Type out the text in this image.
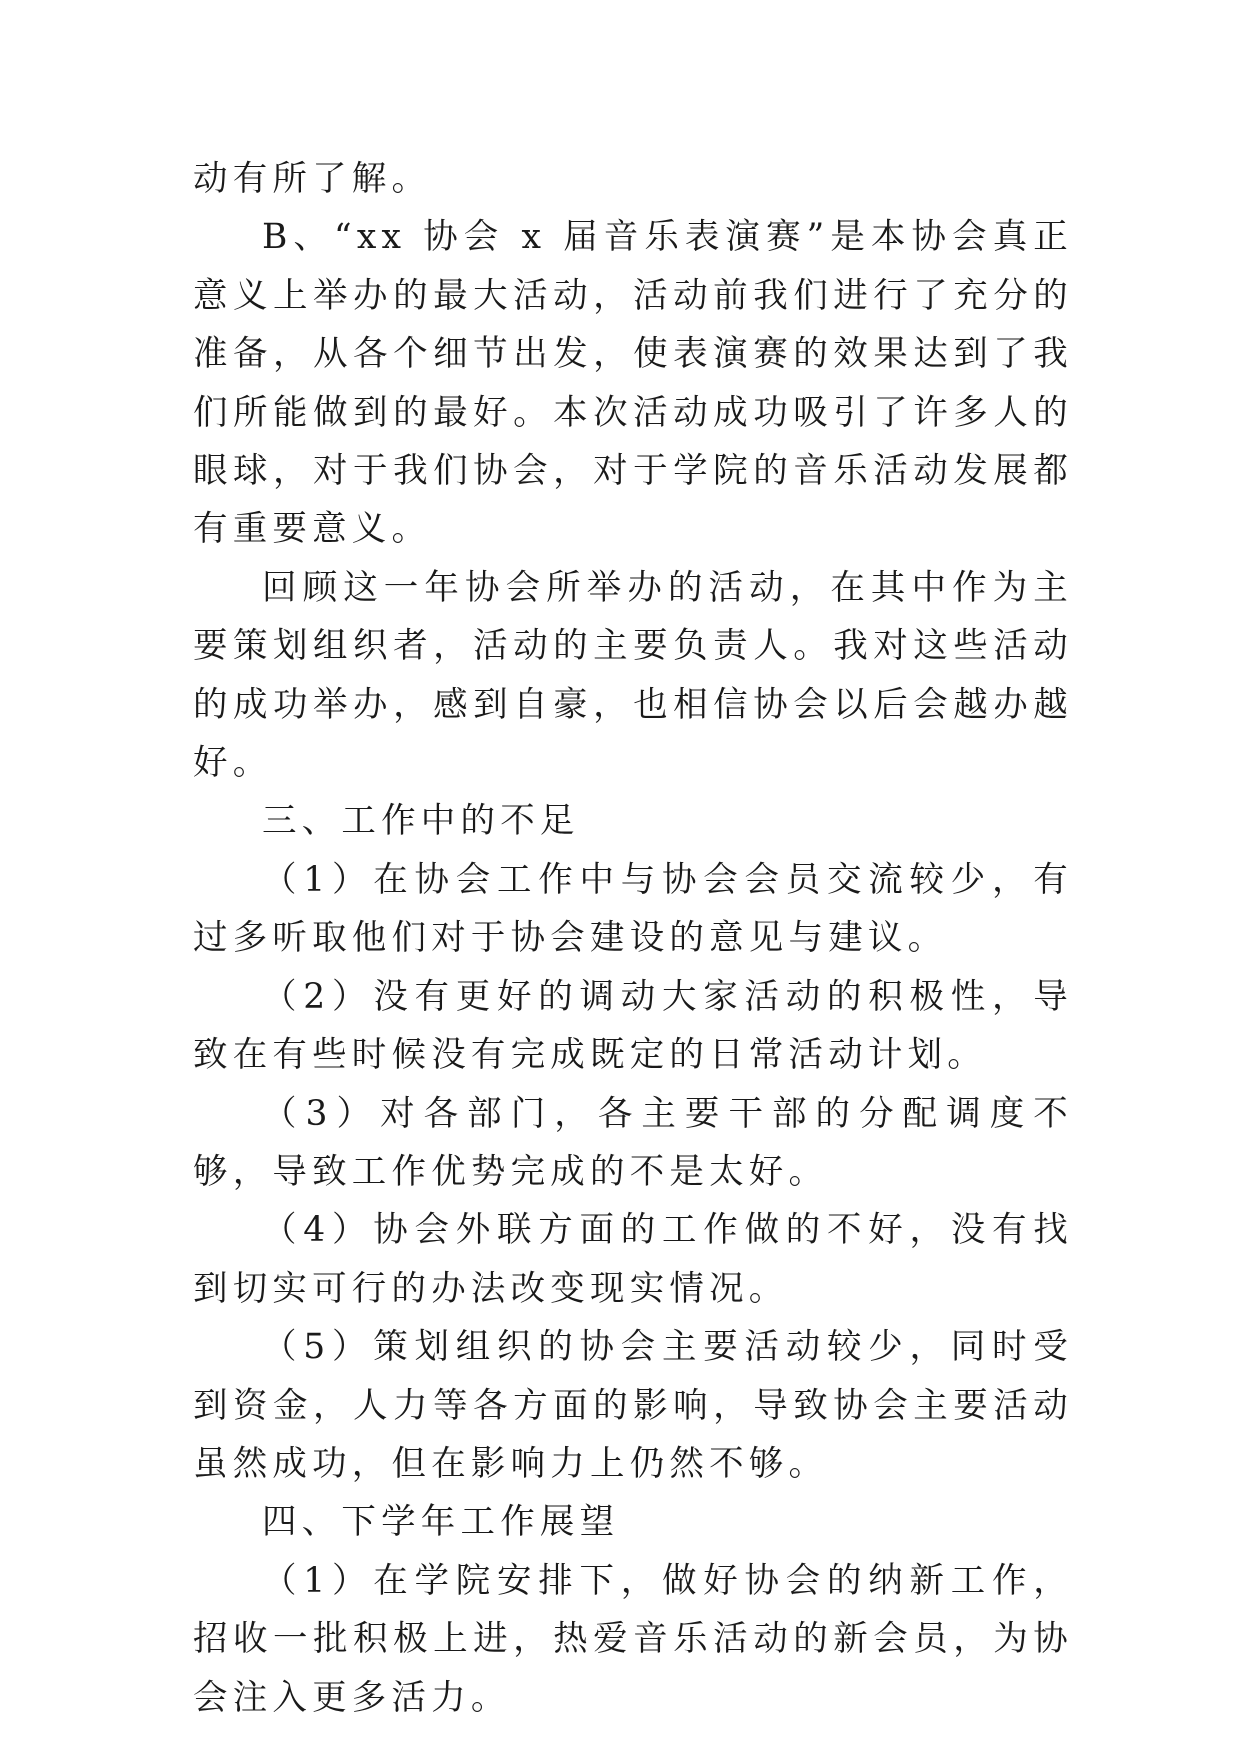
动有所了解。

B、“xx 协会 x 届音乐表演赛”是本协会真正意义上举办的最大活动，活动前我们进行了充分的准备，从各个细节出发，使表演赛的效果达到了我们所能做到的最好。本次活动成功吸引了许多人的眼球，对于我们协会，对于学院的音乐活动发展都有重要意义。

回顾这一年协会所举办的活动，在其中作为主要策划组织者，活动的主要负责人。我对这些活动的成功举办，感到自豪，也相信协会以后会越办越好。

三、工作中的不足

（1）在协会工作中与协会会员交流较少，有过多听取他们对于协会建设的意见与建议。

（2）没有更好的调动大家活动的积极性，导致在有些时候没有完成既定的日常活动计划。

（3）对各部门，各主要干部的分配调度不够，导致工作优势完成的不是太好。

（4）协会外联方面的工作做的不好，没有找到切实可行的办法改变现实情况。

（5）策划组织的协会主要活动较少，同时受到资金，人力等各方面的影响，导致协会主要活动虽然成功，但在影响力上仍然不够。

四、下学年工作展望

（1）在学院安排下，做好协会的纳新工作，招收一批积极上进，热爱音乐活动的新会员，为协会注入更多活力。
